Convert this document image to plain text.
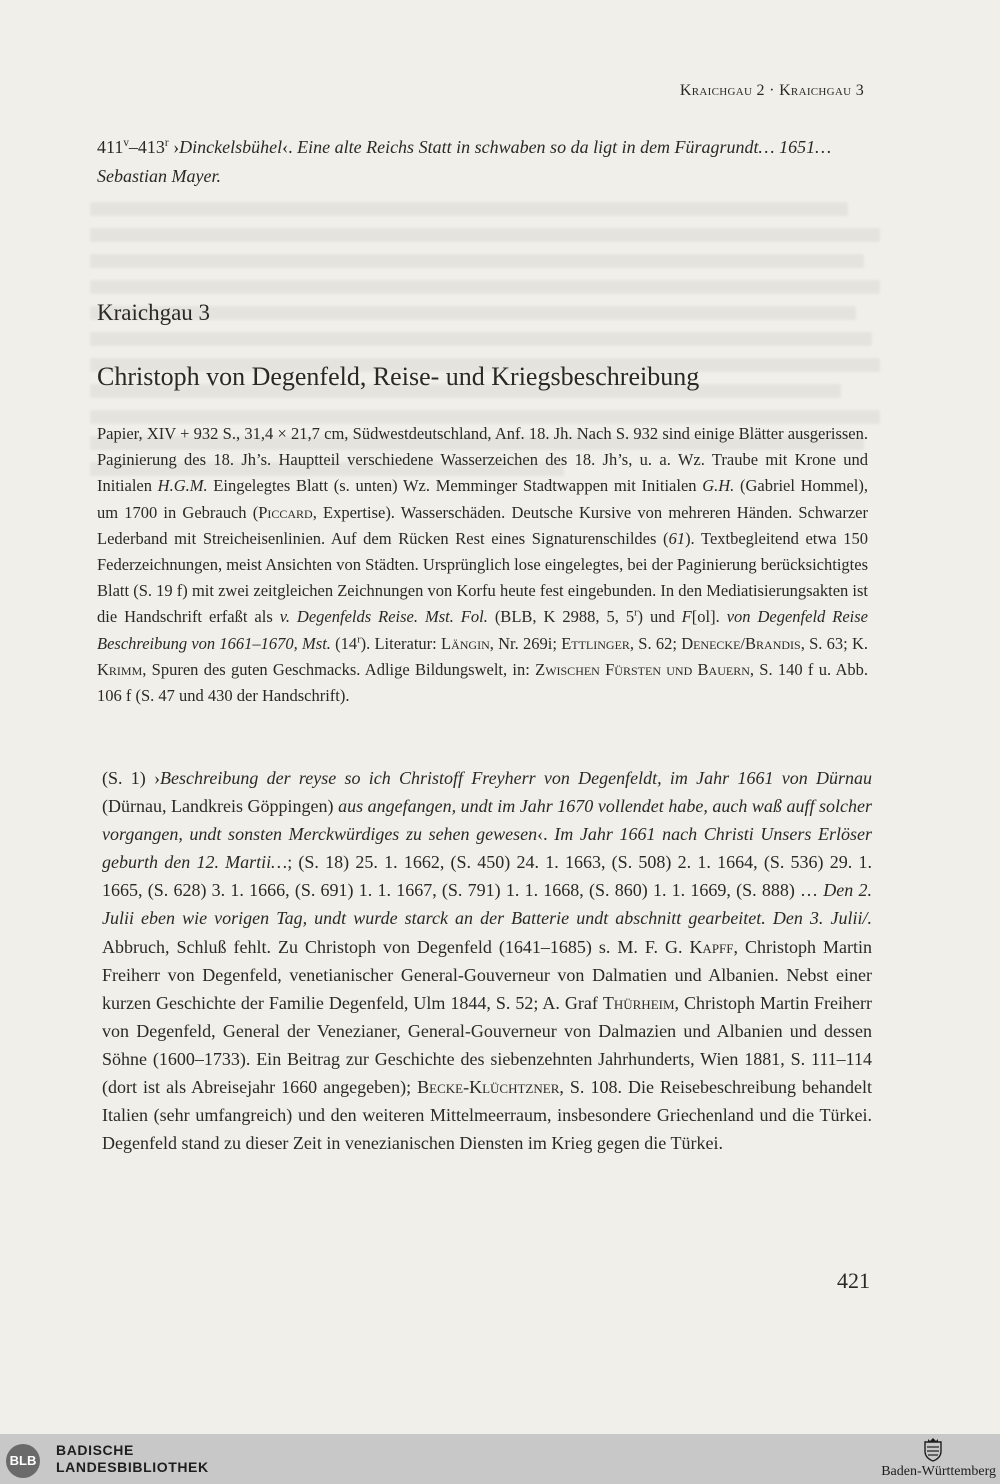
Kraichgau 2 · Kraichgau 3
411$^v$–413$^r$ ›Dinckelsbühel‹. Eine alte Reichs Statt in schwaben so da ligt in dem Füragrundt… 1651… Sebastian Mayer.
Kraichgau 3
Christoph von Degenfeld, Reise- und Kriegsbeschreibung
Papier, XIV + 932 S., 31,4 × 21,7 cm, Südwestdeutschland, Anf. 18. Jh. Nach S. 932 sind einige Blätter ausgerissen. Paginierung des 18. Jh’s. Hauptteil verschiedene Wasserzeichen des 18. Jh’s, u. a. Wz. Traube mit Krone und Initialen H.G.M. Eingelegtes Blatt (s. unten) Wz. Memminger Stadtwappen mit Initialen G.H. (Gabriel Hommel), um 1700 in Gebrauch (Piccard, Expertise). Wasserschäden. Deutsche Kursive von mehreren Händen. Schwarzer Lederband mit Streicheisenlinien. Auf dem Rücken Rest eines Signaturenschildes (61). Textbegleitend etwa 150 Federzeichnungen, meist Ansichten von Städten. Ursprünglich lose eingelegtes, bei der Paginierung berücksichtigtes Blatt (S. 19 f) mit zwei zeitgleichen Zeichnungen von Korfu heute fest eingebunden. In den Mediatisierungsakten ist die Handschrift erfaßt als v. Degenfelds Reise. Mst. Fol. (BLB, K 2988, 5, 5$^r$) und F[ol]. von Degenfeld Reise Beschreibung von 1661–1670, Mst. (14$^r$). Literatur: Längin, Nr. 269i; Ettlinger, S. 62; Denecke/Brandis, S. 63; K. Krimm, Spuren des guten Geschmacks. Adlige Bildungswelt, in: Zwischen Fürsten und Bauern, S. 140 f u. Abb. 106 f (S. 47 und 430 der Handschrift).
(S. 1) ›Beschreibung der reyse so ich Christoff Freyherr von Degenfeldt, im Jahr 1661 von Dürnau (Dürnau, Landkreis Göppingen) aus angefangen, undt im Jahr 1670 vollendet habe, auch waß auff solcher vorgangen, undt sonsten Merckwürdiges zu sehen gewesen‹. Im Jahr 1661 nach Christi Unsers Erlöser geburth den 12. Martii…; (S. 18) 25. 1. 1662, (S. 450) 24. 1. 1663, (S. 508) 2. 1. 1664, (S. 536) 29. 1. 1665, (S. 628) 3. 1. 1666, (S. 691) 1. 1. 1667, (S. 791) 1. 1. 1668, (S. 860) 1. 1. 1669, (S. 888) … Den 2. Julii eben wie vorigen Tag, undt wurde starck an der Batterie undt abschnitt gearbeitet. Den 3. Julii/. Abbruch, Schluß fehlt. Zu Christoph von Degenfeld (1641–1685) s. M. F. G. Kapff, Christoph Martin Freiherr von Degenfeld, venetianischer General-Gouverneur von Dalmatien und Albanien. Nebst einer kurzen Geschichte der Familie Degenfeld, Ulm 1844, S. 52; A. Graf Thürheim, Christoph Martin Freiherr von Degenfeld, General der Venezianer, General-Gouverneur von Dalmazien und Albanien und dessen Söhne (1600–1733). Ein Beitrag zur Geschichte des siebenzehnten Jahrhunderts, Wien 1881, S. 111–114 (dort ist als Abreisejahr 1660 angegeben); Becke-Klüchtzner, S. 108. Die Reisebeschreibung behandelt Italien (sehr umfangreich) und den weiteren Mittelmeerraum, insbesondere Griechenland und die Türkei. Degenfeld stand zu dieser Zeit in venezianischen Diensten im Krieg gegen die Türkei.
421
BLB
BADISCHE
LANDESBIBLIOTHEK	Baden-Württemberg
